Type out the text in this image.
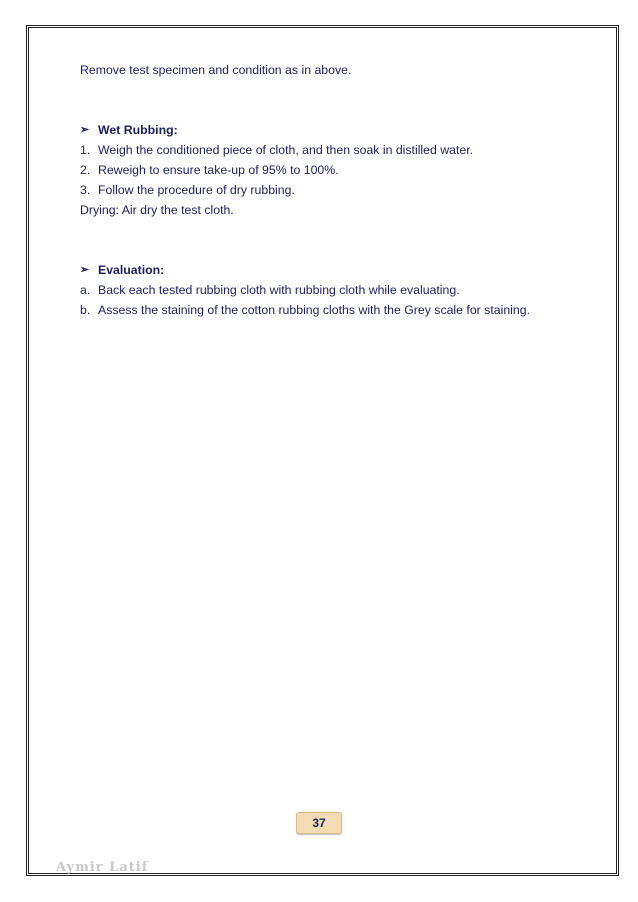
Remove test specimen and condition as in above.

➢ Wet Rubbing:

1. Weigh the conditioned piece of cloth, and then soak in distilled water.
2. Reweigh to ensure take-up of 95% to 100%.
3. Follow the procedure of dry rubbing.

Drying: Air dry the test cloth.

➢ Evaluation:

a. Back each tested rubbing cloth with rubbing cloth while evaluating.
b. Assess the staining of the cotton rubbing cloths with the Grey scale for staining.
37
Aymir Latif
